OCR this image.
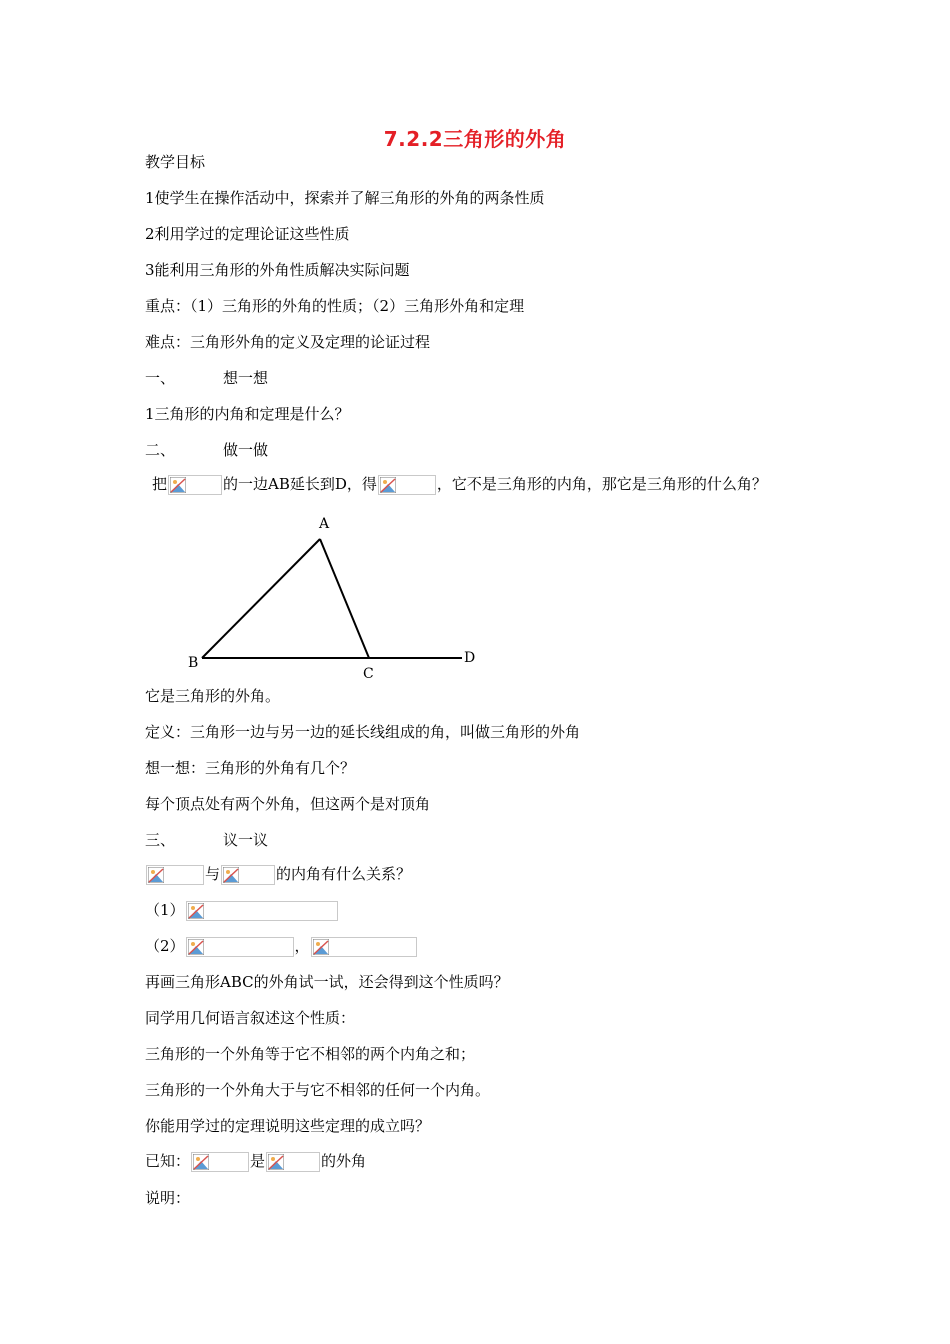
7.2.2三角形的外角
教学目标
1使学生在操作活动中，探索并了解三角形的外角的两条性质
2利用学过的定理论证这些性质
3能利用三角形的外角性质解决实际问题
重点：（1）三角形的外角的性质；（2）三角形外角和定理
难点：三角形外角的定义及定理的论证过程
一、	想一想
1三角形的内角和定理是什么？
二、	做一做
把	的一边AB延长到D，得	，它不是三角形的内角，那它是三角形的什么角？
A
B
C
D
它是三角形的外角。
定义：三角形一边与另一边的延长线组成的角，叫做三角形的外角
想一想：三角形的外角有几个？
每个顶点处有两个外角，但这两个是对顶角
三、	议一议
与	的内角有什么关系？
（1）
（2）	，
再画三角形ABC的外角试一试，还会得到这个性质吗？
同学用几何语言叙述这个性质：
三角形的一个外角等于它不相邻的两个内角之和；
三角形的一个外角大于与它不相邻的任何一个内角。
你能用学过的定理说明这些定理的成立吗？
已知：	是	的外角
说明：
